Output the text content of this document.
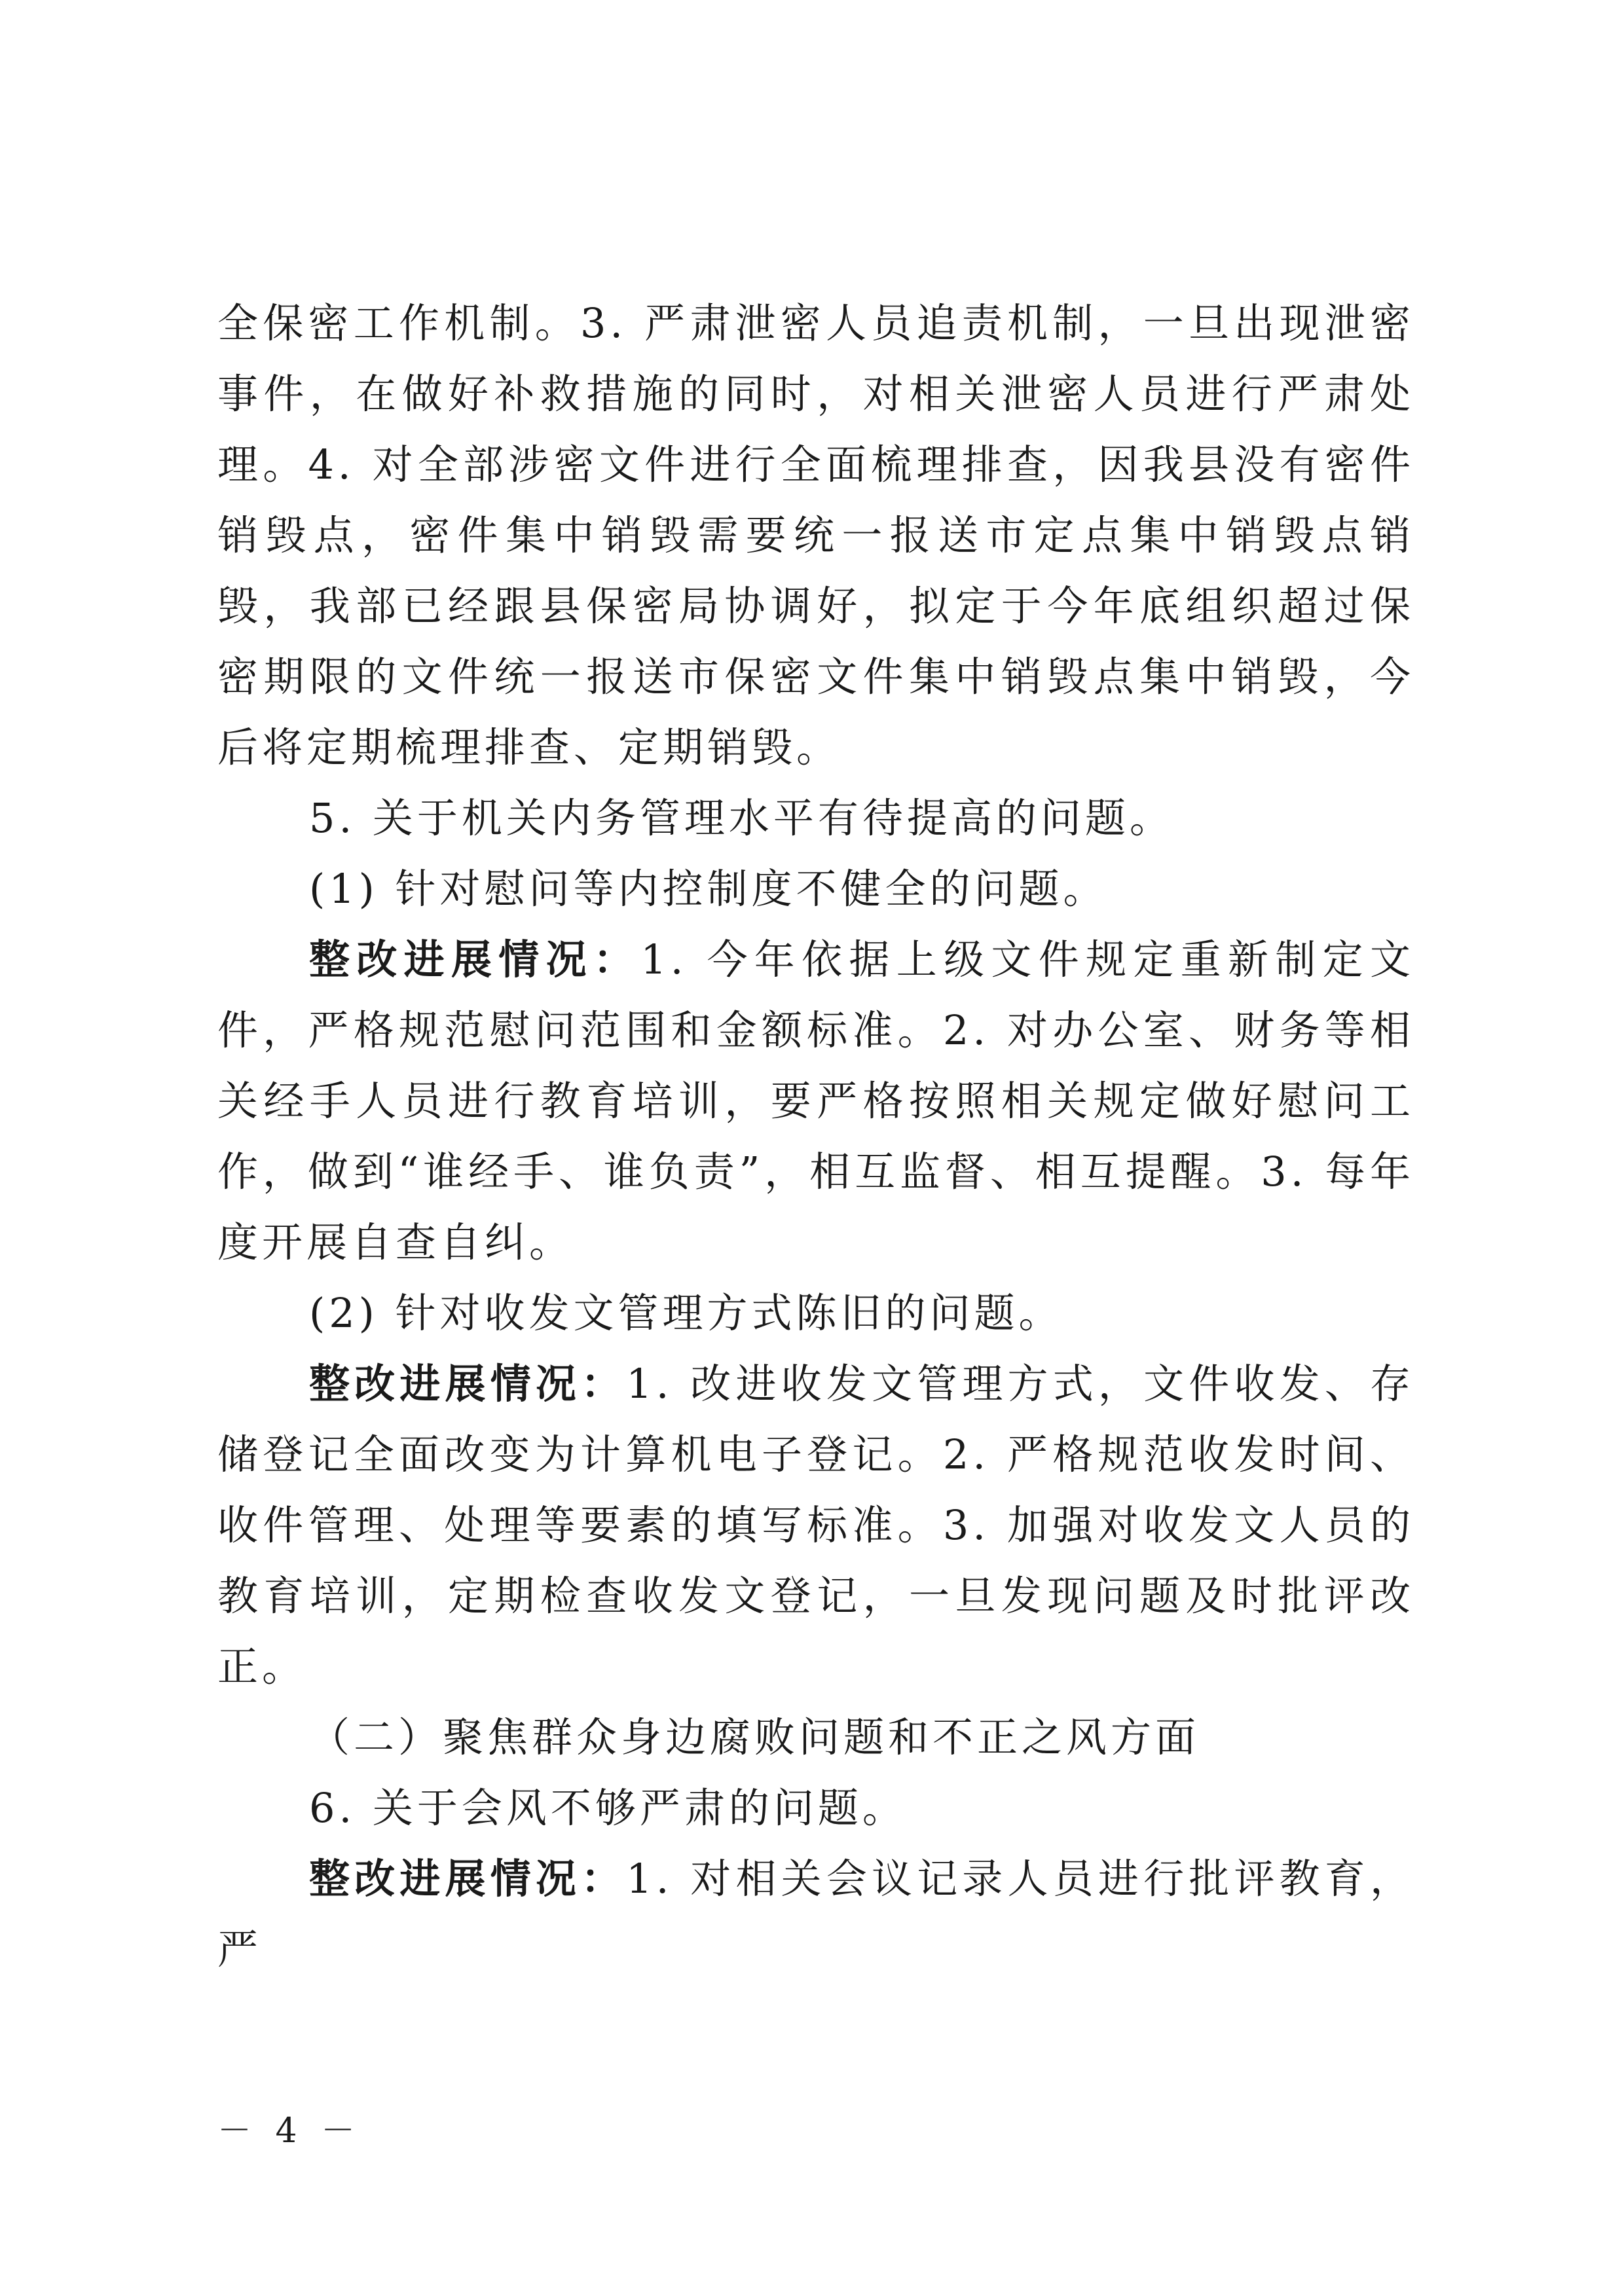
全保密工作机制。3. 严肃泄密人员追责机制，一旦出现泄密事件，在做好补救措施的同时，对相关泄密人员进行严肃处理。4. 对全部涉密文件进行全面梳理排查，因我县没有密件销毁点，密件集中销毁需要统一报送市定点集中销毁点销毁，我部已经跟县保密局协调好，拟定于今年底组织超过保密期限的文件统一报送市保密文件集中销毁点集中销毁，今后将定期梳理排查、定期销毁。

5. 关于机关内务管理水平有待提高的问题。

(1) 针对慰问等内控制度不健全的问题。

整改进展情况：1. 今年依据上级文件规定重新制定文件，严格规范慰问范围和金额标准。2. 对办公室、财务等相关经手人员进行教育培训，要严格按照相关规定做好慰问工作，做到“谁经手、谁负责”，相互监督、相互提醒。3. 每年度开展自查自纠。

(2) 针对收发文管理方式陈旧的问题。

整改进展情况：1. 改进收发文管理方式，文件收发、存储登记全面改变为计算机电子登记。2. 严格规范收发时间、收件管理、处理等要素的填写标准。3. 加强对收发文人员的教育培训，定期检查收发文登记，一旦发现问题及时批评改正。

（二）聚焦群众身边腐败问题和不正之风方面

6. 关于会风不够严肃的问题。

整改进展情况：1. 对相关会议记录人员进行批评教育，严

－ 4 －
